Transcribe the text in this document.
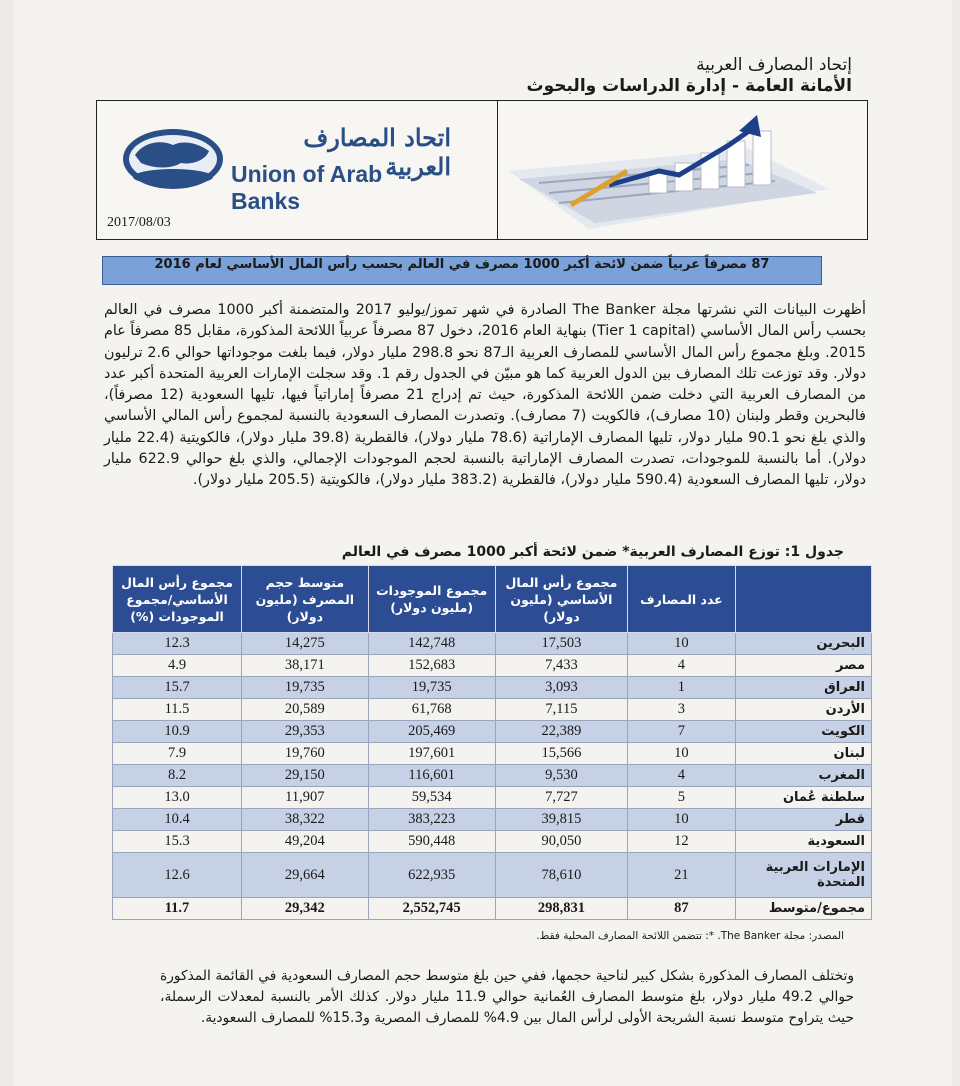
إتحاد المصارف العربية
الأمانة العامة - إدارة الدراسات والبحوث
اتحاد المصارف العربية
Union of Arab Banks
2017/08/03
87 مصرفاً عربياً ضمن لائحة أكبر 1000 مصرف في العالم بحسب رأس المال الأساسي لعام 2016
أظهرت البيانات التي نشرتها مجلة The Banker الصادرة في شهر تموز/يوليو 2017 والمتضمنة أكبر 1000 مصرف في العالم بحسب رأس المال الأساسي (Tier 1 capital) بنهاية العام 2016، دخول 87 مصرفاً عربياً اللائحة المذكورة، مقابل 85 مصرفاً عام 2015. وبلغ مجموع رأس المال الأساسي للمصارف العربية الـ87 نحو 298.8 مليار دولار، فيما بلغت موجوداتها حوالي 2.6 ترليون دولار. وقد توزعت تلك المصارف بين الدول العربية كما هو مبيّن في الجدول رقم 1. وقد سجلت الإمارات العربية المتحدة أكبر عدد من المصارف العربية التي دخلت ضمن اللائحة المذكورة، حيث تم إدراج 21 مصرفاً إماراتياً فيها، تليها السعودية (12 مصرفاً)، فالبحرين وقطر ولبنان (10 مصارف)، فالكويت (7 مصارف). وتصدرت المصارف السعودية بالنسبة لمجموع رأس المالي الأساسي والذي بلغ نحو 90.1 مليار دولار، تليها المصارف الإماراتية (78.6 مليار دولار)، فالقطرية (39.8 مليار دولار)، فالكويتية (22.4 مليار دولار). أما بالنسبة للموجودات، تصدرت المصارف الإماراتية بالنسبة لحجم الموجودات الإجمالي، والذي بلغ حوالي 622.9 مليار دولار، تليها المصارف السعودية (590.4 مليار دولار)، فالقطرية (383.2 مليار دولار)، فالكويتية (205.5 مليار دولار).
جدول 1: توزع المصارف العربية* ضمن لائحة أكبر 1000 مصرف في العالم
	عدد المصارف	مجموع رأس المال الأساسي (مليون دولار)	مجموع الموجودات (مليون دولار)	متوسط حجم المصرف (مليون دولار)	مجموع رأس المال الأساسي/مجموع الموجودات (%)
البحرين	10	17,503	142,748	14,275	12.3
مصر	4	7,433	152,683	38,171	4.9
العراق	1	3,093	19,735	19,735	15.7
الأردن	3	7,115	61,768	20,589	11.5
الكويت	7	22,389	205,469	29,353	10.9
لبنان	10	15,566	197,601	19,760	7.9
المغرب	4	9,530	116,601	29,150	8.2
سلطنة عُمان	5	7,727	59,534	11,907	13.0
قطر	10	39,815	383,223	38,322	10.4
السعودية	12	90,050	590,448	49,204	15.3
الإمارات العربية المتحدة	21	78,610	622,935	29,664	12.6
مجموع/متوسط	87	298,831	2,552,745	29,342	11.7
المصدر: مجلة The Banker. *: تتضمن اللائحة المصارف المحلية فقط.
وتختلف المصارف المذكورة بشكل كبير لناحية حجمها، ففي حين بلغ متوسط حجم المصارف السعودية في القائمة المذكورة حوالي 49.2 مليار دولار، بلغ متوسط المصارف العُمانية حوالي 11.9 مليار دولار. كذلك الأمر بالنسبة لمعدلات الرسملة، حيث يتراوح متوسط نسبة الشريحة الأولى لرأس المال بين 4.9% للمصارف المصرية و15.3% للمصارف السعودية.
